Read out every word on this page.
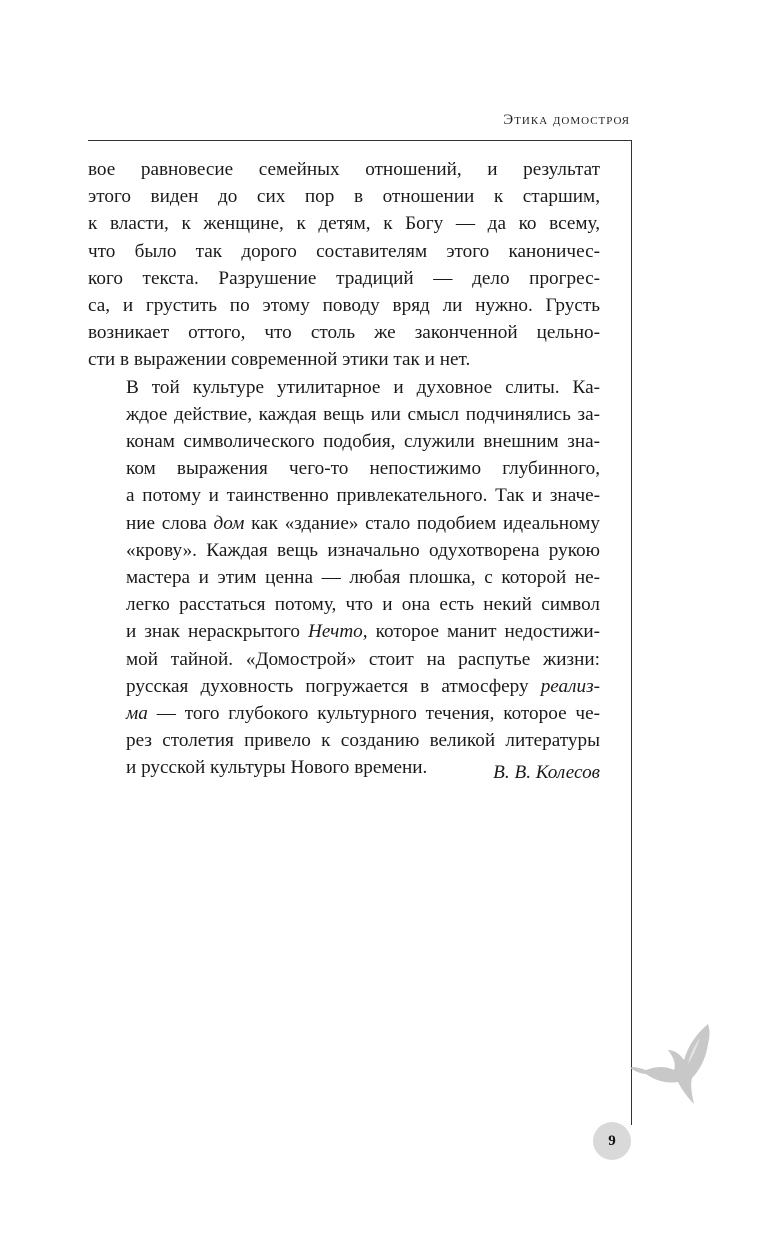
Этика домостроя

вое равновесие семейных отношений, и результат
этого виден до сих пор в отношении к старшим,
к власти, к женщине, к детям, к Богу — да ко всему,
что было так дорого составителям этого каноничес-
кого текста. Разрушение традиций — дело прогрес-
са, и грустить по этому поводу вряд ли нужно. Грусть
возникает оттого, что столь же законченной цельно-
сти в выражении современной этики так и нет.

В той культуре утилитарное и духовное слиты. Ка-
ждое действие, каждая вещь или смысл подчинялись за-
конам символического подобия, служили внешним зна-
ком выражения чего-то непостижимо глубинного,
а потому и таинственно привлекательного. Так и значе-
ние слова дом как «здание» стало подобием идеальному
«крову». Каждая вещь изначально одухотворена рукою
мастера и этим ценна — любая плошка, с которой не-
легко расстаться потому, что и она есть некий символ
и знак нераскрытого Нечто, которое манит недостижи-
мой тайной. «Домострой» стоит на распутье жизни:
русская духовность погружается в атмосферу реализ-
ма — того глубокого культурного течения, которое че-
рез столетия привело к созданию великой литературы
и русской культуры Нового времени.	В. В. Колесов
9
